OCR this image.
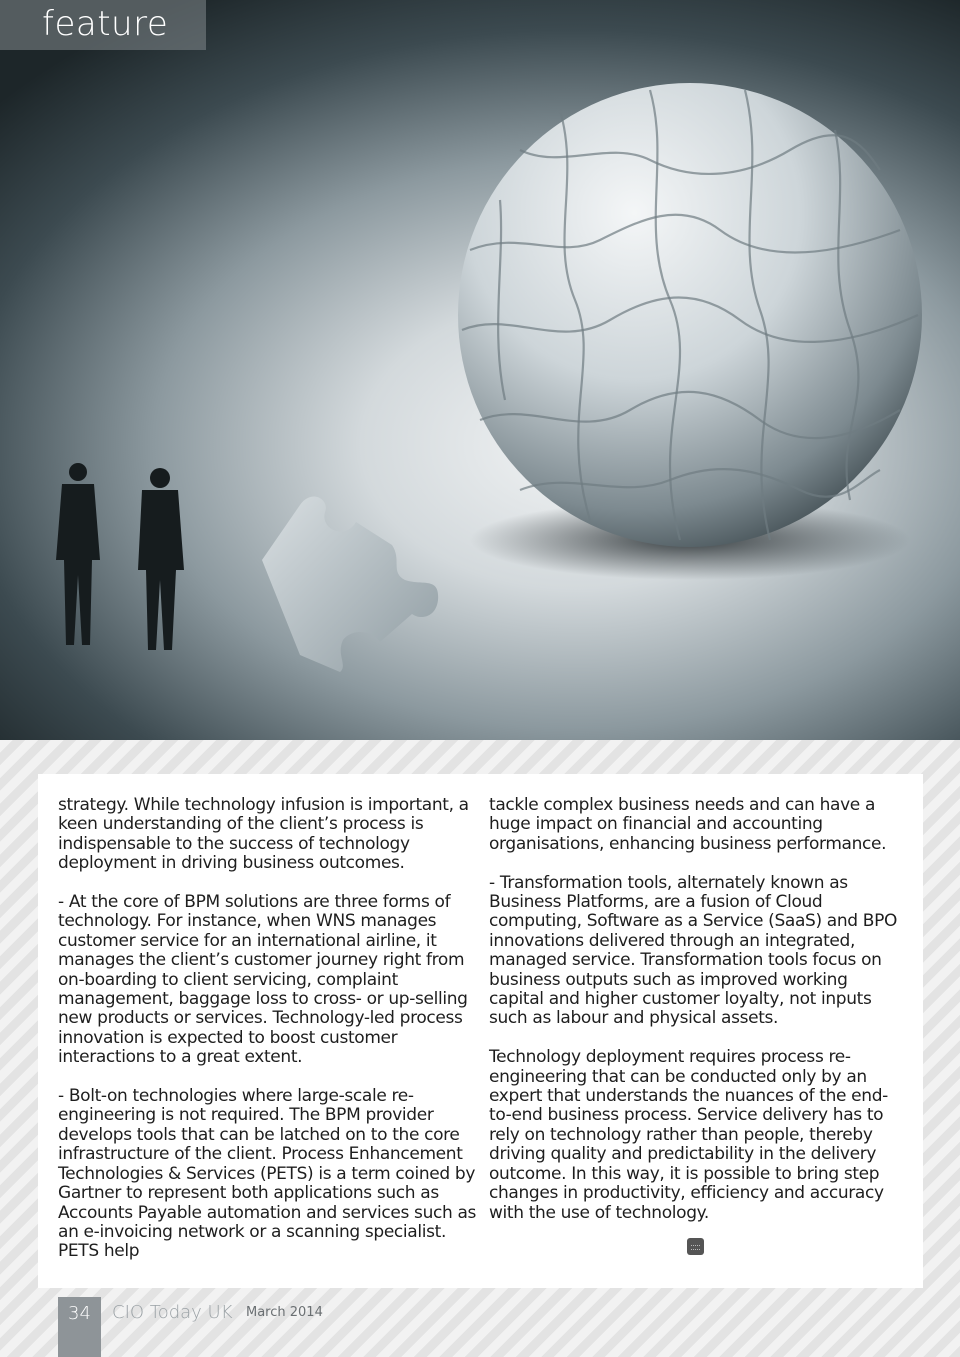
feature

strategy. While technology infusion is important, a keen understanding of the client’s process is indispensable to the success of technology deployment in driving business outcomes.

- At the core of BPM solutions are three forms of technology. For instance, when WNS manages customer service for an international airline, it manages the client’s customer journey right from on-boarding to client servicing, complaint management, baggage loss to cross- or up-selling new products or services. Technology-led process innovation is expected to boost customer interactions to a great extent.

- Bolt-on technologies where large-scale re-engineering is not required. The BPM provider develops tools that can be latched on to the core infrastructure of the client. Process Enhancement Technologies & Services (PETS) is a term coined by Gartner to represent both applications such as Accounts Payable automation and services such as an e-invoicing network or a scanning specialist. PETS help

tackle complex business needs and can have a huge impact on financial and accounting organisations, enhancing business performance.

- Transformation tools, alternately known as Business Platforms, are a fusion of Cloud computing, Software as a Service (SaaS) and BPO innovations delivered through an integrated, managed service. Transformation tools focus on business outputs such as improved working capital and higher customer loyalty, not inputs such as labour and physical assets.

Technology deployment requires process re-engineering that can be conducted only by an expert that understands the nuances of the end-to-end business process. Service delivery has to rely on technology rather than people, thereby driving quality and predictability in the delivery outcome. In this way, it is possible to bring step changes in productivity, efficiency and accuracy with the use of technology.

34	CIO Today UK March 2014
